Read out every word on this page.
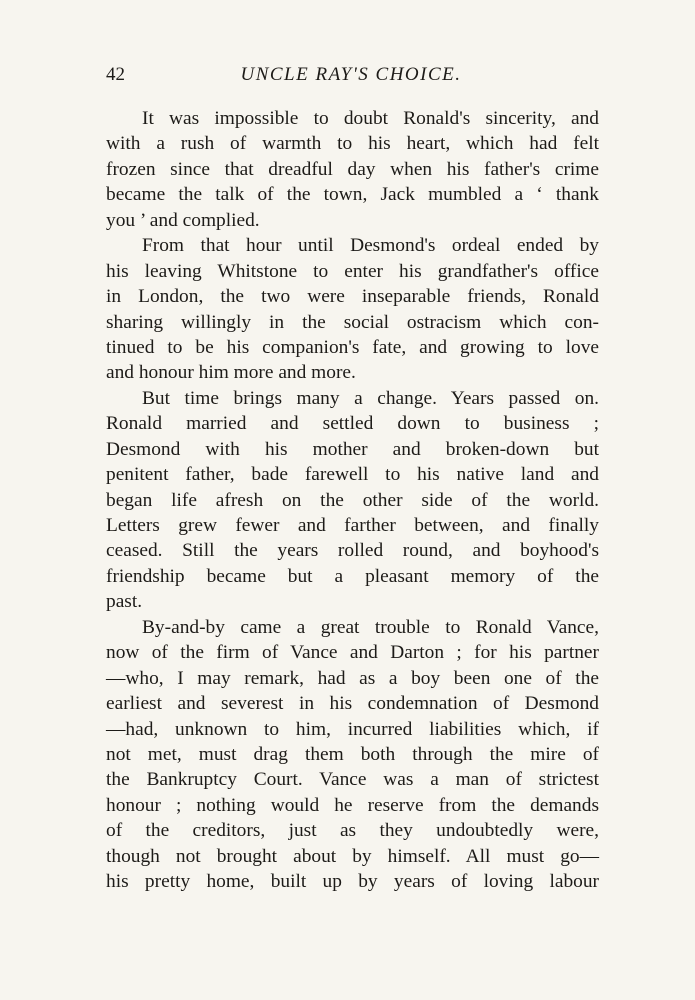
42	UNCLE RAY'S CHOICE.
It was impossible to doubt Ronald's sincerity, and
with a rush of warmth to his heart, which had felt
frozen since that dreadful day when his father's crime
became the talk of the town, Jack mumbled a ‘ thank
you ’ and complied.
From that hour until Desmond's ordeal ended by
his leaving Whitstone to enter his grandfather's office
in London, the two were inseparable friends, Ronald
sharing willingly in the social ostracism which con-
tinued to be his companion's fate, and growing to love
and honour him more and more.
But time brings many a change. Years passed on.
Ronald married and settled down to business ;
Desmond with his mother and broken-down but
penitent father, bade farewell to his native land and
began life afresh on the other side of the world.
Letters grew fewer and farther between, and finally
ceased. Still the years rolled round, and boyhood's
friendship became but a pleasant memory of the
past.
By-and-by came a great trouble to Ronald Vance,
now of the firm of Vance and Darton ; for his partner
—who, I may remark, had as a boy been one of the
earliest and severest in his condemnation of Desmond
—had, unknown to him, incurred liabilities which, if
not met, must drag them both through the mire of
the Bankruptcy Court. Vance was a man of strictest
honour ; nothing would he reserve from the demands
of the creditors, just as they undoubtedly were,
though not brought about by himself. All must go—
his pretty home, built up by years of loving labour
